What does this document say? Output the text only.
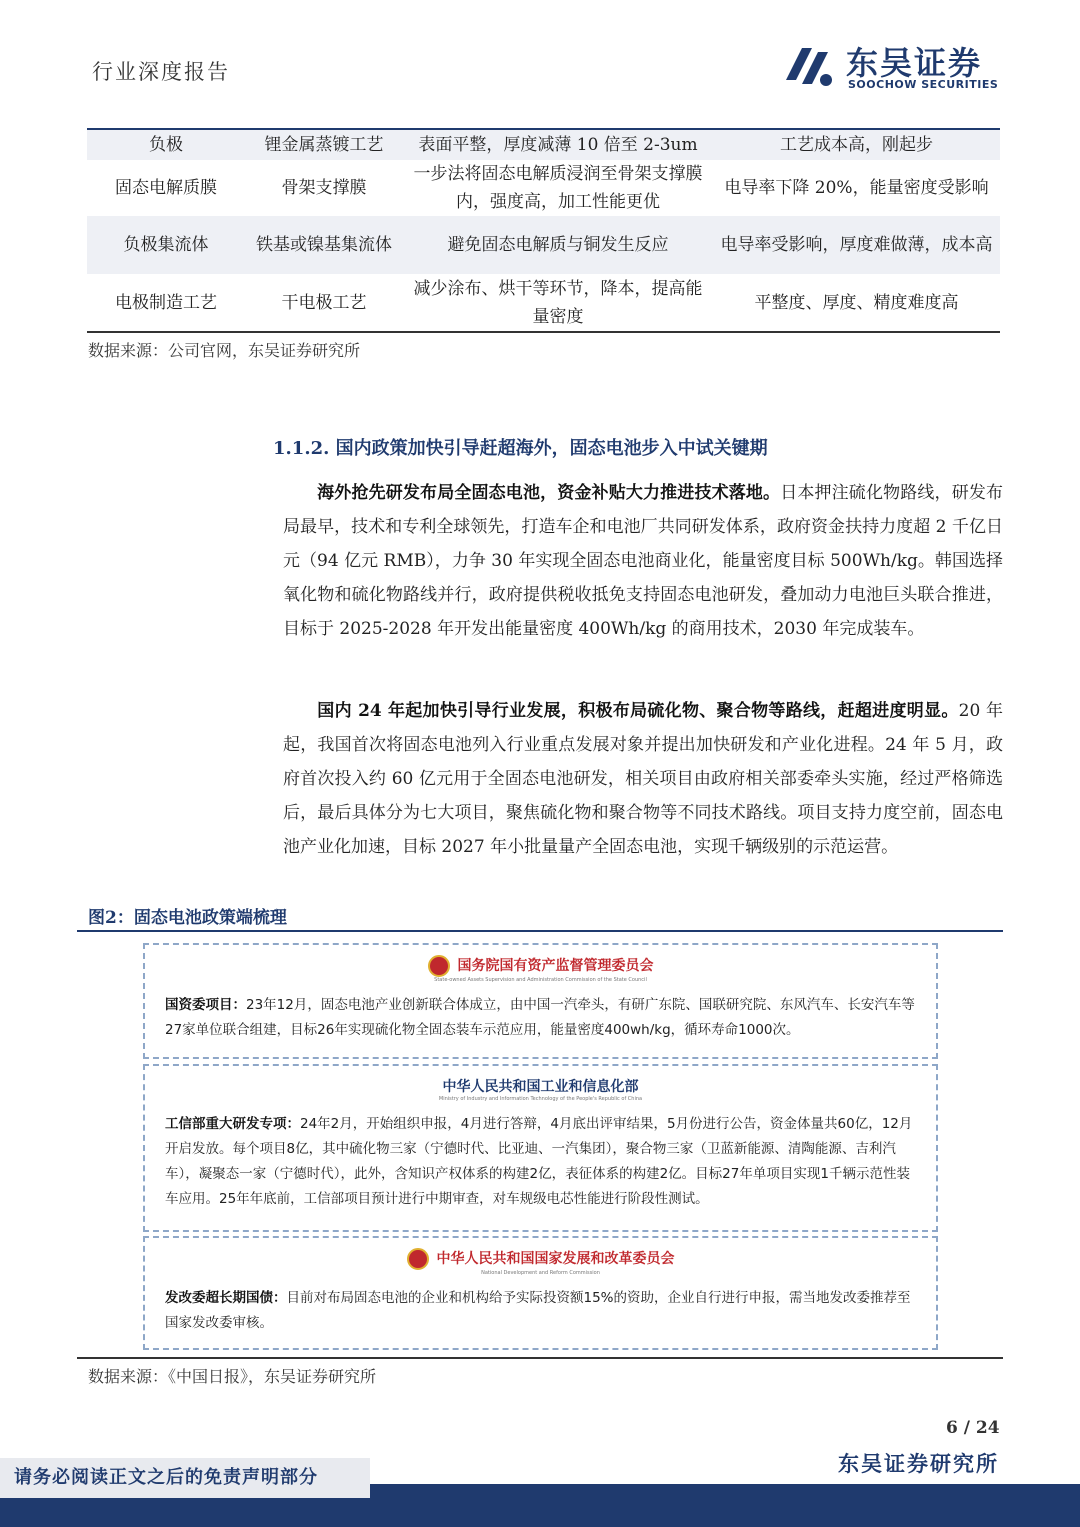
行业深度报告	东吴证券
SOOCHOW SECURITIES
负极	锂金属蒸镀工艺	表面平整，厚度减薄 10 倍至 2-3um	工艺成本高，刚起步
固态电解质膜	骨架支撑膜	一步法将固态电解质浸润至骨架支撑膜内，强度高，加工性能更优	电导率下降 20%，能量密度受影响
负极集流体	铁基或镍基集流体	避免固态电解质与铜发生反应	电导率受影响，厚度难做薄，成本高
电极制造工艺	干电极工艺	减少涂布、烘干等环节，降本，提高能量密度	平整度、厚度、精度难度高
数据来源：公司官网，东吴证券研究所
1.1.2. 国内政策加快引导赶超海外，固态电池步入中试关键期
海外抢先研发布局全固态电池，资金补贴大力推进技术落地。日本押注硫化物路线，研发布局最早，技术和专利全球领先，打造车企和电池厂共同研发体系，政府资金扶持力度超 2 千亿日元（94 亿元 RMB），力争 30 年实现全固态电池商业化，能量密度目标 500Wh/kg。韩国选择氧化物和硫化物路线并行，政府提供税收抵免支持固态电池研发，叠加动力电池巨头联合推进，目标于 2025-2028 年开发出能量密度 400Wh/kg 的商用技术，2030 年完成装车。
国内 24 年起加快引导行业发展，积极布局硫化物、聚合物等路线，赶超进度明显。20 年起，我国首次将固态电池列入行业重点发展对象并提出加快研发和产业化进程。24 年 5 月，政府首次投入约 60 亿元用于全固态电池研发，相关项目由政府相关部委牵头实施，经过严格筛选后，最后具体分为七大项目，聚焦硫化物和聚合物等不同技术路线。项目支持力度空前，固态电池产业化加速，目标 2027 年小批量量产全固态电池，实现千辆级别的示范运营。
图2：固态电池政策端梳理
国务院国有资产监督管理委员会
State-owned Assets Supervision and Administration Commission of the State Council
国资委项目：23年12月，固态电池产业创新联合体成立，由中国一汽牵头，有研广东院、国联研究院、东风汽车、长安汽车等27家单位联合组建，目标26年实现硫化物全固态装车示范应用，能量密度400wh/kg，循环寿命1000次。
中华人民共和国工业和信息化部
Ministry of Industry and Information Technology of the People's Republic of China
工信部重大研发专项：24年2月，开始组织申报，4月进行答辩，4月底出评审结果，5月份进行公告，资金体量共60亿，12月开启发放。每个项目8亿，其中硫化物三家（宁德时代、比亚迪、一汽集团），聚合物三家（卫蓝新能源、清陶能源、吉利汽车），凝聚态一家（宁德时代），此外，含知识产权体系的构建2亿，表征体系的构建2亿。目标27年单项目实现1千辆示范性装车应用。25年年底前，工信部项目预计进行中期审查，对车规级电芯性能进行阶段性测试。
中华人民共和国国家发展和改革委员会
National Development and Reform Commission
发改委超长期国债：目前对布局固态电池的企业和机构给予实际投资额15%的资助，企业自行进行申报，需当地发改委推荐至国家发改委审核。
数据来源：《中国日报》，东吴证券研究所
6 / 24
东吴证券研究所
请务必阅读正文之后的免责声明部分
